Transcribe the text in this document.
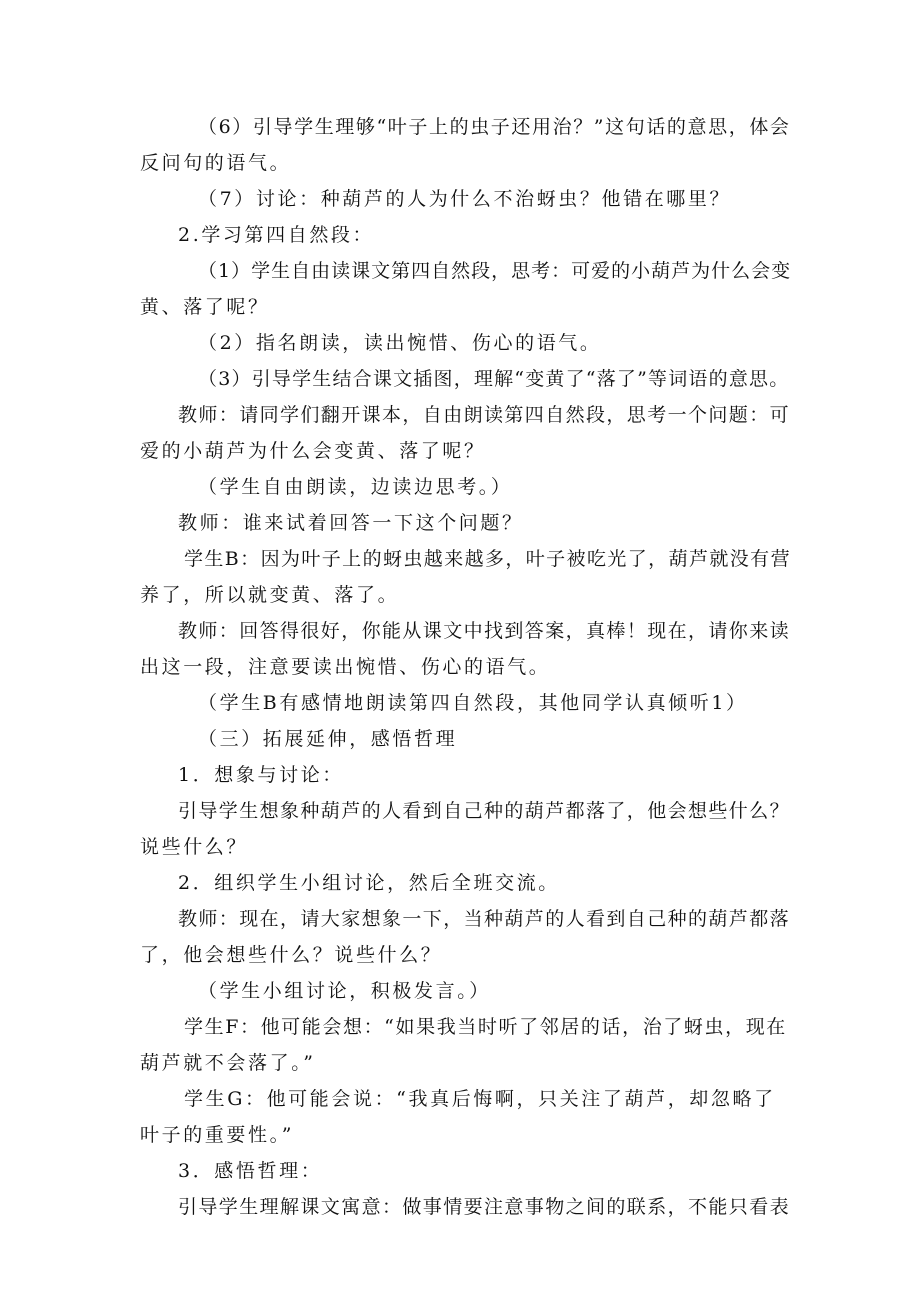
（6）引导学生理够“叶子上的虫子还用治？”这句话的意思，体会
反问句的语气。
（7）讨论：种葫芦的人为什么不治蚜虫？他错在哪里？
2.学习第四自然段：
（1）学生自由读课文第四自然段，思考：可爱的小葫芦为什么会变
黄、落了呢？
（2）指名朗读，读出惋惜、伤心的语气。
（3）引导学生结合课文插图，理解“变黄了“落了”等词语的意思。
教师：请同学们翻开课本，自由朗读第四自然段，思考一个问题：可
爱的小葫芦为什么会变黄、落了呢？
（学生自由朗读，边读边思考。）
教师：谁来试着回答一下这个问题？
学生B：因为叶子上的蚜虫越来越多，叶子被吃光了，葫芦就没有营
养了，所以就变黄、落了。
教师：回答得很好，你能从课文中找到答案，真棒！现在，请你来读
出这一段，注意要读出惋惜、伤心的语气。
（学生B有感情地朗读第四自然段，其他同学认真倾听1）
（三）拓展延伸，感悟哲理
1．想象与讨论：
引导学生想象种葫芦的人看到自己种的葫芦都落了，他会想些什么？
说些什么？
2．组织学生小组讨论，然后全班交流。
教师：现在，请大家想象一下，当种葫芦的人看到自己种的葫芦都落
了，他会想些什么？说些什么？
（学生小组讨论，积极发言。）
学生F：他可能会想：“如果我当时听了邻居的话，治了蚜虫，现在
葫芦就不会落了。”
学生G：他可能会说：“我真后悔啊，只关注了葫芦，却忽略了
叶子的重要性。”
3．感悟哲理：
引导学生理解课文寓意：做事情要注意事物之间的联系，不能只看表
